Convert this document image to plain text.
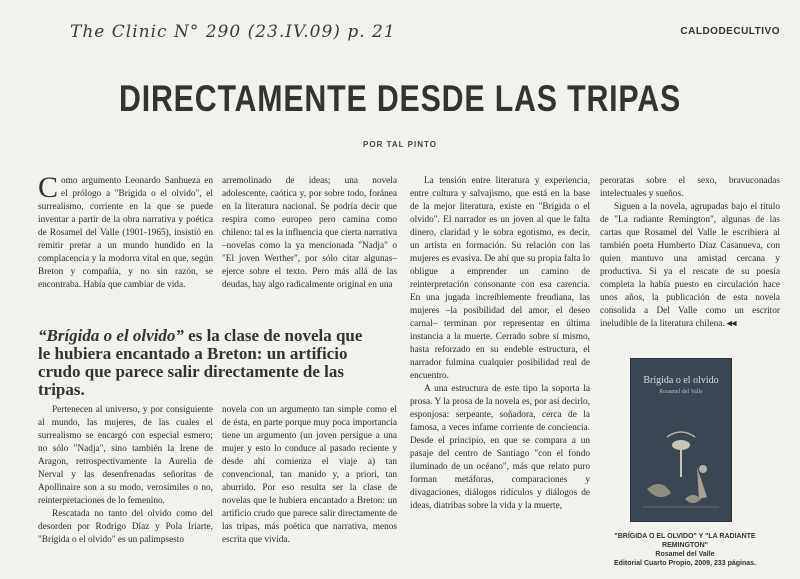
The Clinic N° 290 (23.IV.09) p. 21	CALDODECULTIVO
DIRECTAMENTE DESDE LAS TRIPAS
POR TAL PINTO

Como argumento Leonardo Sanhueza en el prólogo a "Brígida o el olvido", el surrealismo, corriente en la que se puede inventar a partir de la obra narrativa y poética de Rosamel del Valle (1901-1965), insistió en remitir pretar a un mundo hundido en la complacencia y la modorra vital en que, según Breton y compañía, y no sin razón, se encontraba. Había que cambiar de vida.

arremolinado de ideas; una novela adolescente, caótica y, por sobre todo, foránea en la literatura nacional. Se podría decir que respira como europeo pero camina como chileno: tal es la influencia que cierta narrativa –novelas como la ya mencionada "Nadja" o "El joven Werther", por sólo citar algunas– ejerce sobre el texto. Pero más allá de las deudas, hay algo radicalmente original en una

“Brígida o el olvido” es la clase de novela que le hubiera encantado a Breton: un artificio crudo que parece salir directamente de las tripas.

Pertenecen al universo, y por consiguiente al mundo, las mujeres, de las cuales el surrealismo se encargó con especial esmero; no sólo "Nadja", sino también la Irene de Aragon, retrospectivamente la Aurelia de Nerval y las desenfrenadas señoritas de Apollinaire son a su modo, verosímiles o no, reinterpretaciones de lo femenino.

Rescatada no tanto del olvido como del desorden por Rodrigo Díaz y Pola Iriarte, "Brígida o el olvido" es un palimpsesto

novela con un argumento tan simple como el de ésta, en parte porque muy poca importancia tiene un argumento (un joven persigue a una mujer y esto lo conduce al pasado reciente y desde ahí comienza el viaje a) tan convencional, tan manido y, a priori, tan aburrido. Por eso resulta ser la clase de novelas que le hubiera encantado a Breton: un artificio crudo que parece salir directamente de las tripas, más poética que narrativa, menos escrita que vivida.

La tensión entre literatura y experiencia, entre cultura y salvajismo, que está en la base de la mejor literatura, existe en "Brígida o el olvido". El narrador es un joven al que le falta dinero, claridad y le sobra egotismo, es decir, un artista en formación. Su relación con las mujeres es evasiva. De ahí que su propia falta lo obligue a emprender un camino de reinterpretación consonante con esa carencia. En una jugada increíblemente freudiana, las mujeres –la posibilidad del amor, el deseo carnal– terminan por representar en última instancia a la muerte. Cerrado sobre sí mismo, hasta reforzado en su endeble estructura, el narrador fulmina cualquier posibilidad real de encuentro.

A una estructura de este tipo la soporta la prosa. Y la prosa de la novela es, por así decirlo, esponjosa: serpeante, soñadora, cerca de la famosa, a veces infame corriente de conciencia. Desde el principio, en que se compara a un pasaje del centro de Santiago "con el fondo iluminado de un océano", más que relato puro forman metáforas, comparaciones y divagaciones, diálogos ridículos y diálogos de ideas, diatribas sobre la vida y la muerte,

peroratas sobre el sexo, bravuconadas intelectuales y sueños.

Siguen a la novela, agrupadas bajo el título de "La radiante Remington", algunas de las cartas que Rosamel del Valle le escribiera al también poeta Humberto Díaz Casanueva, con quien mantuvo una amistad cercana y productiva. Si ya el rescate de su poesía completa la había puesto en circulación hace unos años, la publicación de esta novela consolida a Del Valle como un escritor ineludible de la literatura chilena. ◂◂

Brígida o el olvido
Rosamel del Valle
"BRÍGIDA O EL OLVIDO" Y "LA RADIANTE REMINGTON"
Rosamel del Valle
Editorial Cuarto Propio, 2009, 233 páginas.
